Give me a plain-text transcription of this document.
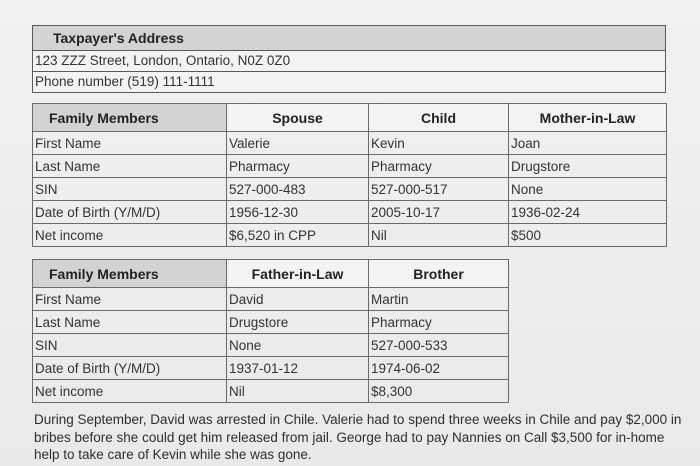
Taxpayer's Address
123 ZZZ Street, London, Ontario, N0Z 0Z0
Phone number (519) 111-1111
Family Members	Spouse	Child	Mother-in-Law
First Name	Valerie	Kevin	Joan
Last Name	Pharmacy	Pharmacy	Drugstore
SIN	527-000-483	527-000-517	None
Date of Birth (Y/M/D)	1956-12-30	2005-10-17	1936-02-24
Net income	$6,520 in CPP	Nil	$500
Family Members	Father-in-Law	Brother
First Name	David	Martin
Last Name	Drugstore	Pharmacy
SIN	None	527-000-533
Date of Birth (Y/M/D)	1937-01-12	1974-06-02
Net income	Nil	$8,300
During September, David was arrested in Chile. Valerie had to spend three weeks in Chile and pay $2,000 in bribes before she could get him released from jail. George had to pay Nannies on Call $3,500 for in-home help to take care of Kevin while she was gone.
